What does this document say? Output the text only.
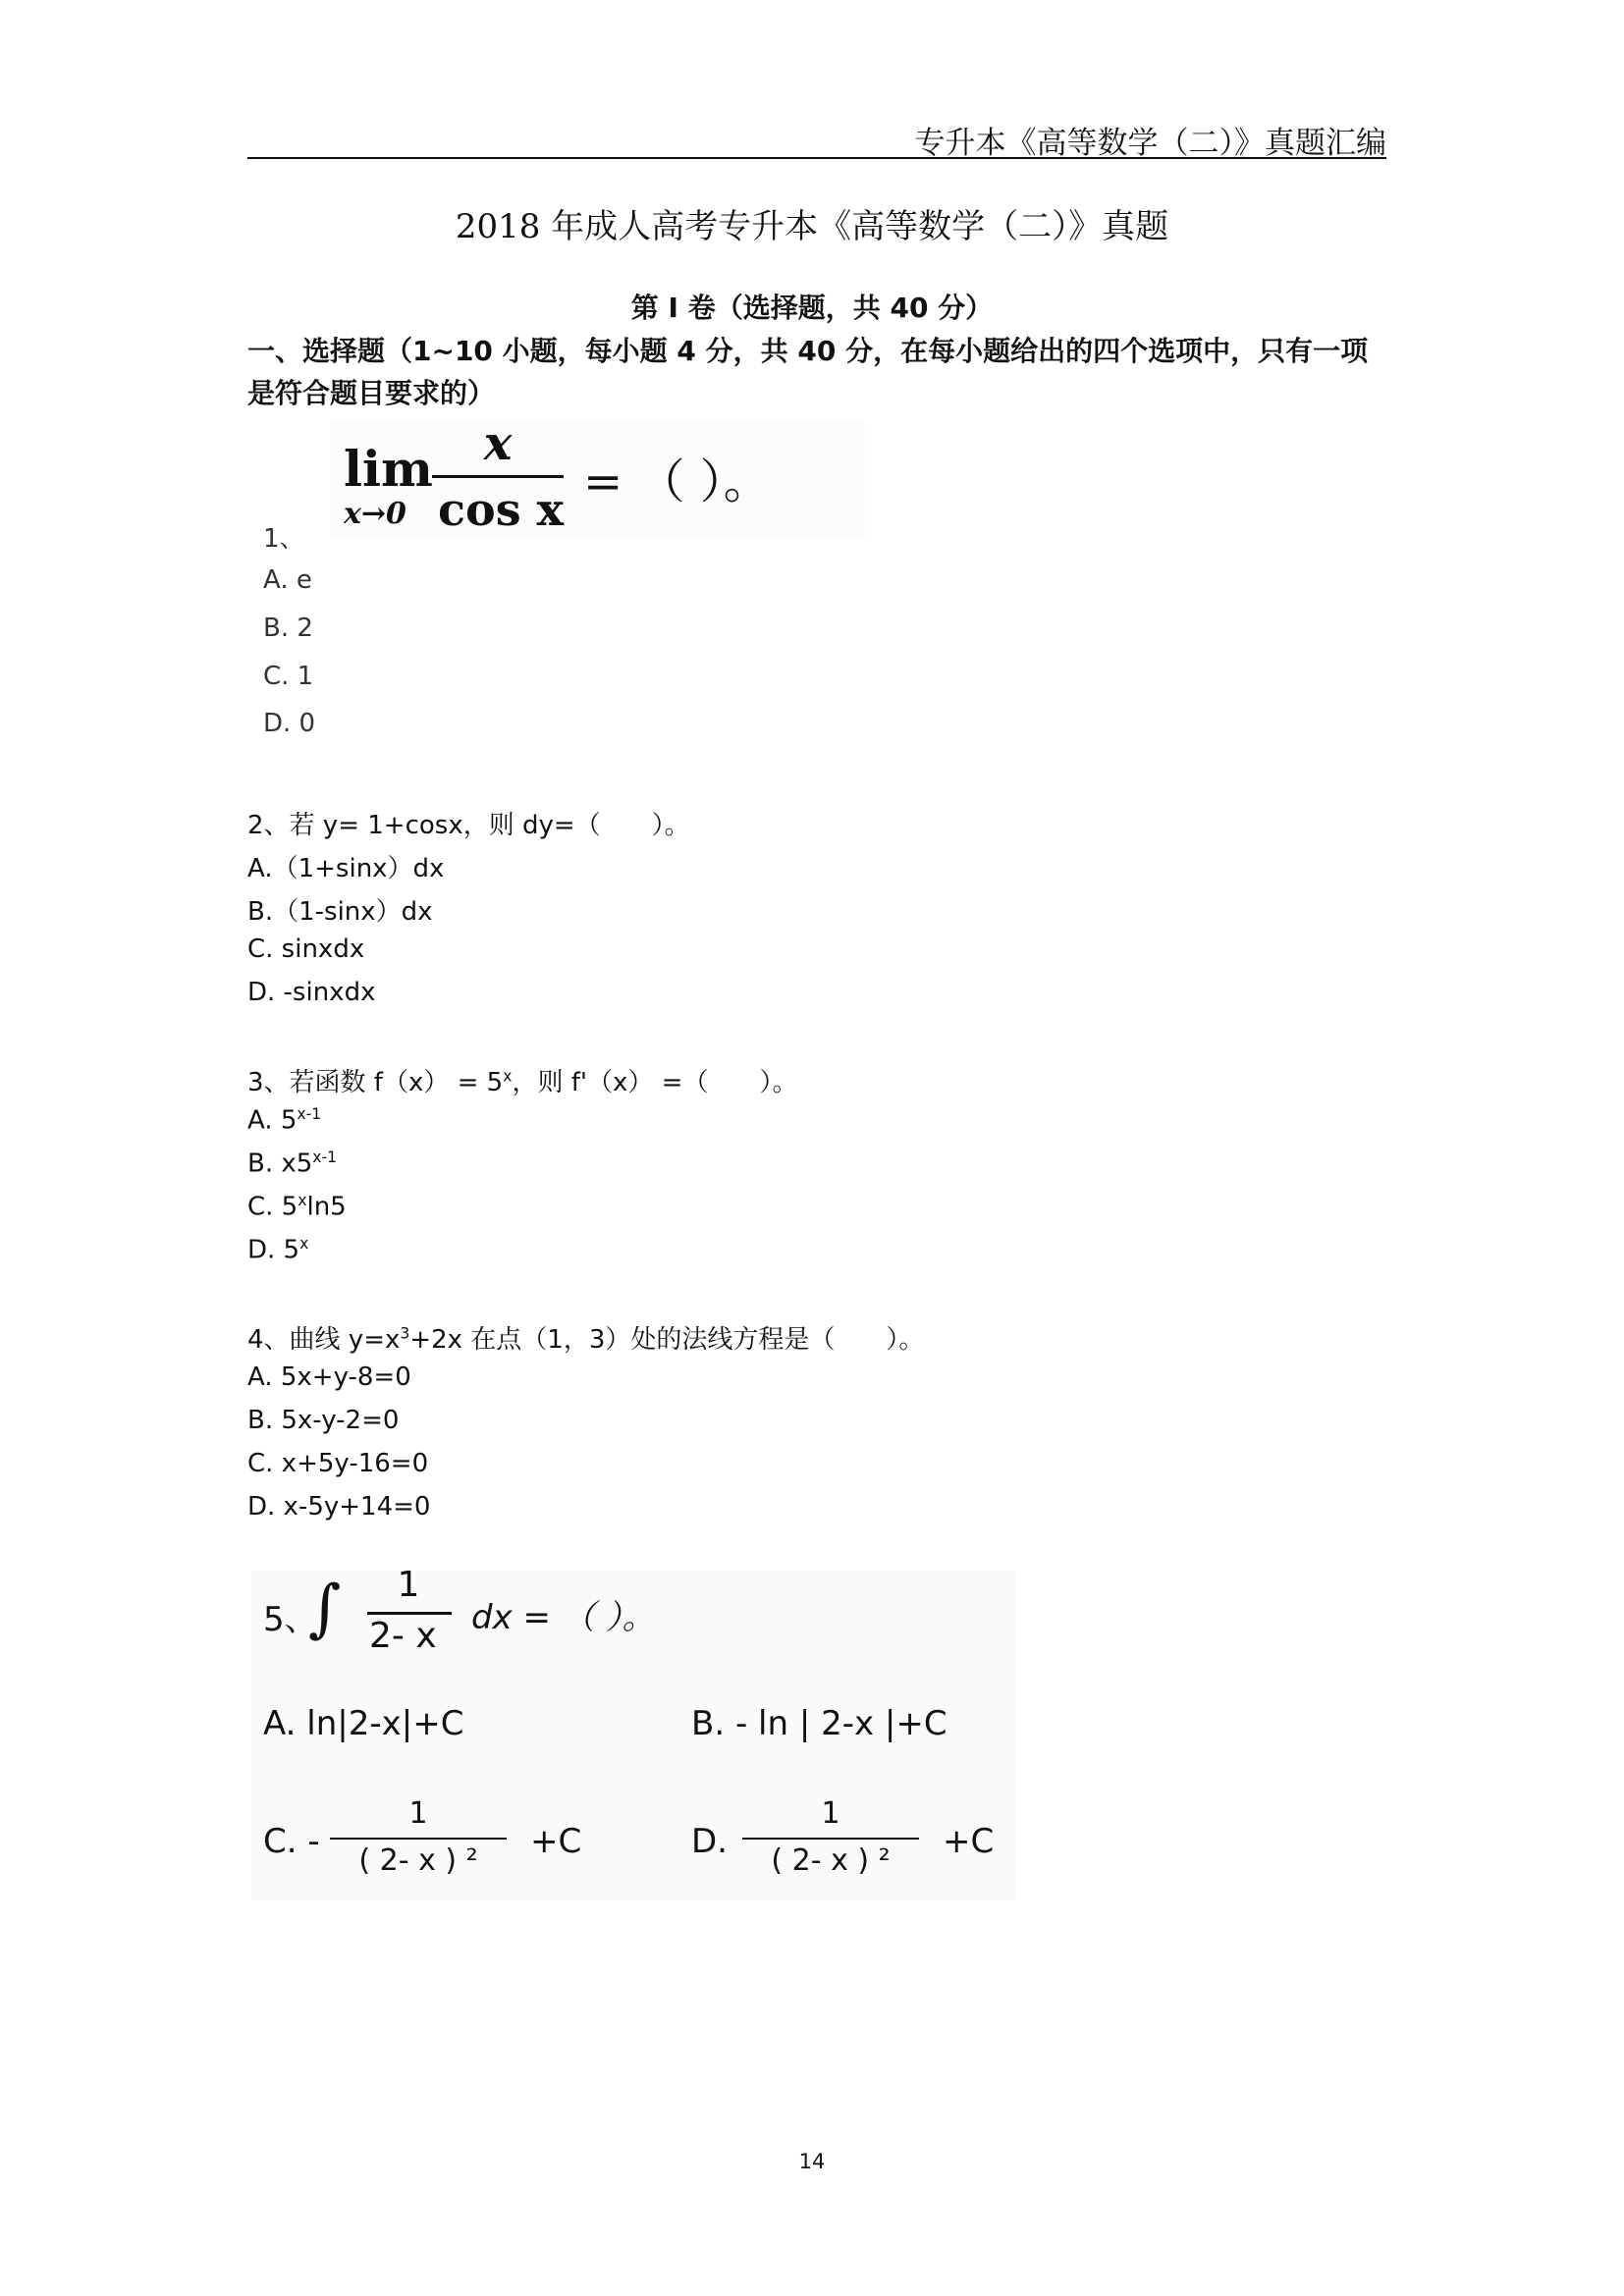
专升本《高等数学（二）》真题汇编
2018 年成人高考专升本《高等数学（二）》真题
第 I 卷（选择题，共 40 分）
一、选择题（1~10 小题，每小题 4 分，共 40 分，在每小题给出的四个选项中，只有一项是符合题目要求的）
lim
x→0
x
cos x = （ ）。
1、
A. e
B. 2
C. 1
D. 0
2、若 y= 1+cosx，则 dy=（　　）。
A.（1+sinx）dx
B.（1-sinx）dx
C. sinxdx
D. -sinxdx
3、若函数 $f(x) = 5^x$，则 f'（x） =（　　）。
A. 5$^{x-1}$
B. x5$^{x-1}$
C. 5$^x$ln5
D. 5$^x$
4、曲线 $y=x^3+2x$ 在点（1，3）处的法线方程是（　　）。
A. 5x+y-8=0
B. 5x-y-2=0
C. x+5y-16=0
D. x-5y+14=0
5、
∫	1
2- x dx = （ ）。
A. ln|2-x|+C	B. - ln | 2-x |+C
C. -
1
( 2- x ) ²	+C	D.
1
( 2- x ) ²	+C
14
